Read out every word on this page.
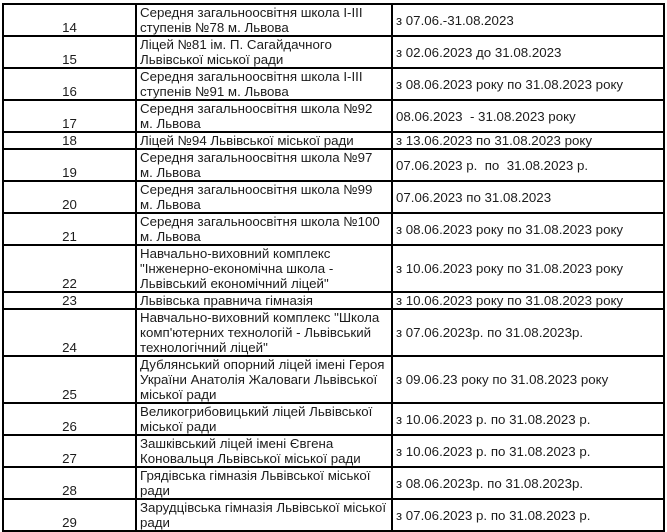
14	Середня загальноосвітня школа І-ІІІ ступенів №78 м. Львова	з 07.06.-31.08.2023
15	Ліцей №81 ім. П. Сагайдачного Львівської міської ради	з 02.06.2023 до 31.08.2023
16	Середня загальноосвітня школа І-ІІІ ступенів №91 м. Львова	з 08.06.2023 року по 31.08.2023 року
17	Середня загальноосвітня школа №92 м. Львова	08.06.2023  - 31.08.2023 року
18	Ліцей №94 Львівської міської ради	з 13.06.2023 по 31.08.2023 року
19	Середня загальноосвітня школа №97 м. Львова	07.06.2023 р.  по  31.08.2023 р.
20	Середня загальноосвітня школа №99 м. Львова	07.06.2023 по 31.08.2023
21	Середня загальноосвітня школа №100 м. Львова	з 08.06.2023 року по 31.08.2023 року
22	Навчально-виховний комплекс "Інженерно-економічна школа - Львівський економічний ліцей"	з 10.06.2023 року по 31.08.2023 року
23	Львівська правнича гімназія	з 10.06.2023 року по 31.08.2023 року
24	Навчально-виховний комплекс "Школа комп'ютерних технологій - Львівський технологічний ліцей"	з 07.06.2023р. по 31.08.2023р.
25	Дублянський опорний ліцей імені Героя України Анатолія Жаловаги Львівської міської ради	з 09.06.23 року по 31.08.2023 року
26	Великогрибовицький ліцей Львівської міської ради	з 10.06.2023 р. по 31.08.2023 р.
27	Зашківський ліцей імені Євгена Коновальця Львівської міської ради	з 10.06.2023 р. по 31.08.2023 р.
28	Грядівська гімназія Львівської міської ради	з 08.06.2023р. по 31.08.2023р.
29	Зарудцівська гімназія Львівської міської ради	з 07.06.2023 р. по 31.08.2023 р.
